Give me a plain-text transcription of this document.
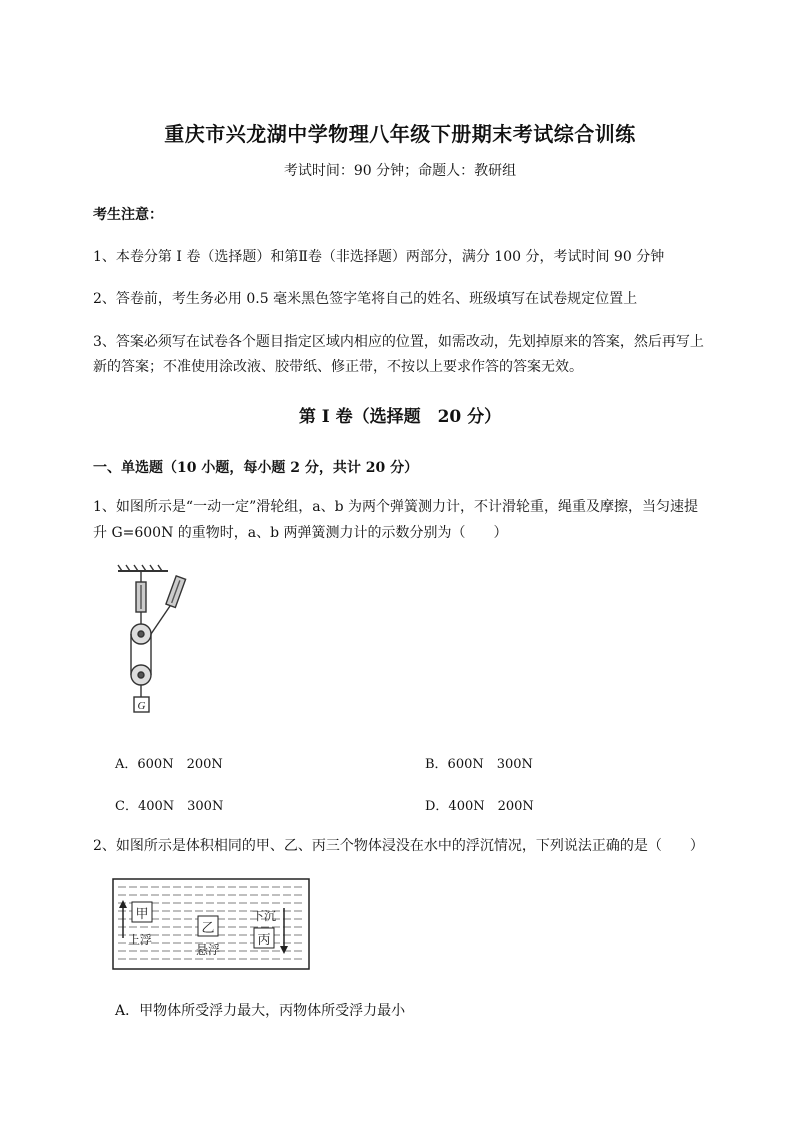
重庆市兴龙湖中学物理八年级下册期末考试综合训练
考试时间：90 分钟；命题人：教研组
考生注意：
1、本卷分第 I 卷（选择题）和第Ⅱ卷（非选择题）两部分，满分 100 分，考试时间 90 分钟
2、答卷前，考生务必用 0.5 毫米黑色签字笔将自己的姓名、班级填写在试卷规定位置上
3、答案必须写在试卷各个题目指定区域内相应的位置，如需改动，先划掉原来的答案，然后再写上新的答案；不准使用涂改液、胶带纸、修正带，不按以上要求作答的答案无效。
第 I 卷（选择题　20 分）
一、单选题（10 小题，每小题 2 分，共计 20 分）
1、如图所示是“一动一定”滑轮组，a、b 为两个弹簧测力计，不计滑轮重，绳重及摩擦，当匀速提升 G=600N 的重物时，a、b 两弹簧测力计的示数分别为（　　）
G
A．600N　200N	B．600N　300N
C．400N　300N	D．400N　200N
2、如图所示是体积相同的甲、乙、丙三个物体浸没在水中的浮沉情况，下列说法正确的是（　　）
甲
上浮
乙
悬浮
下沉
丙
A．甲物体所受浮力最大，丙物体所受浮力最小
